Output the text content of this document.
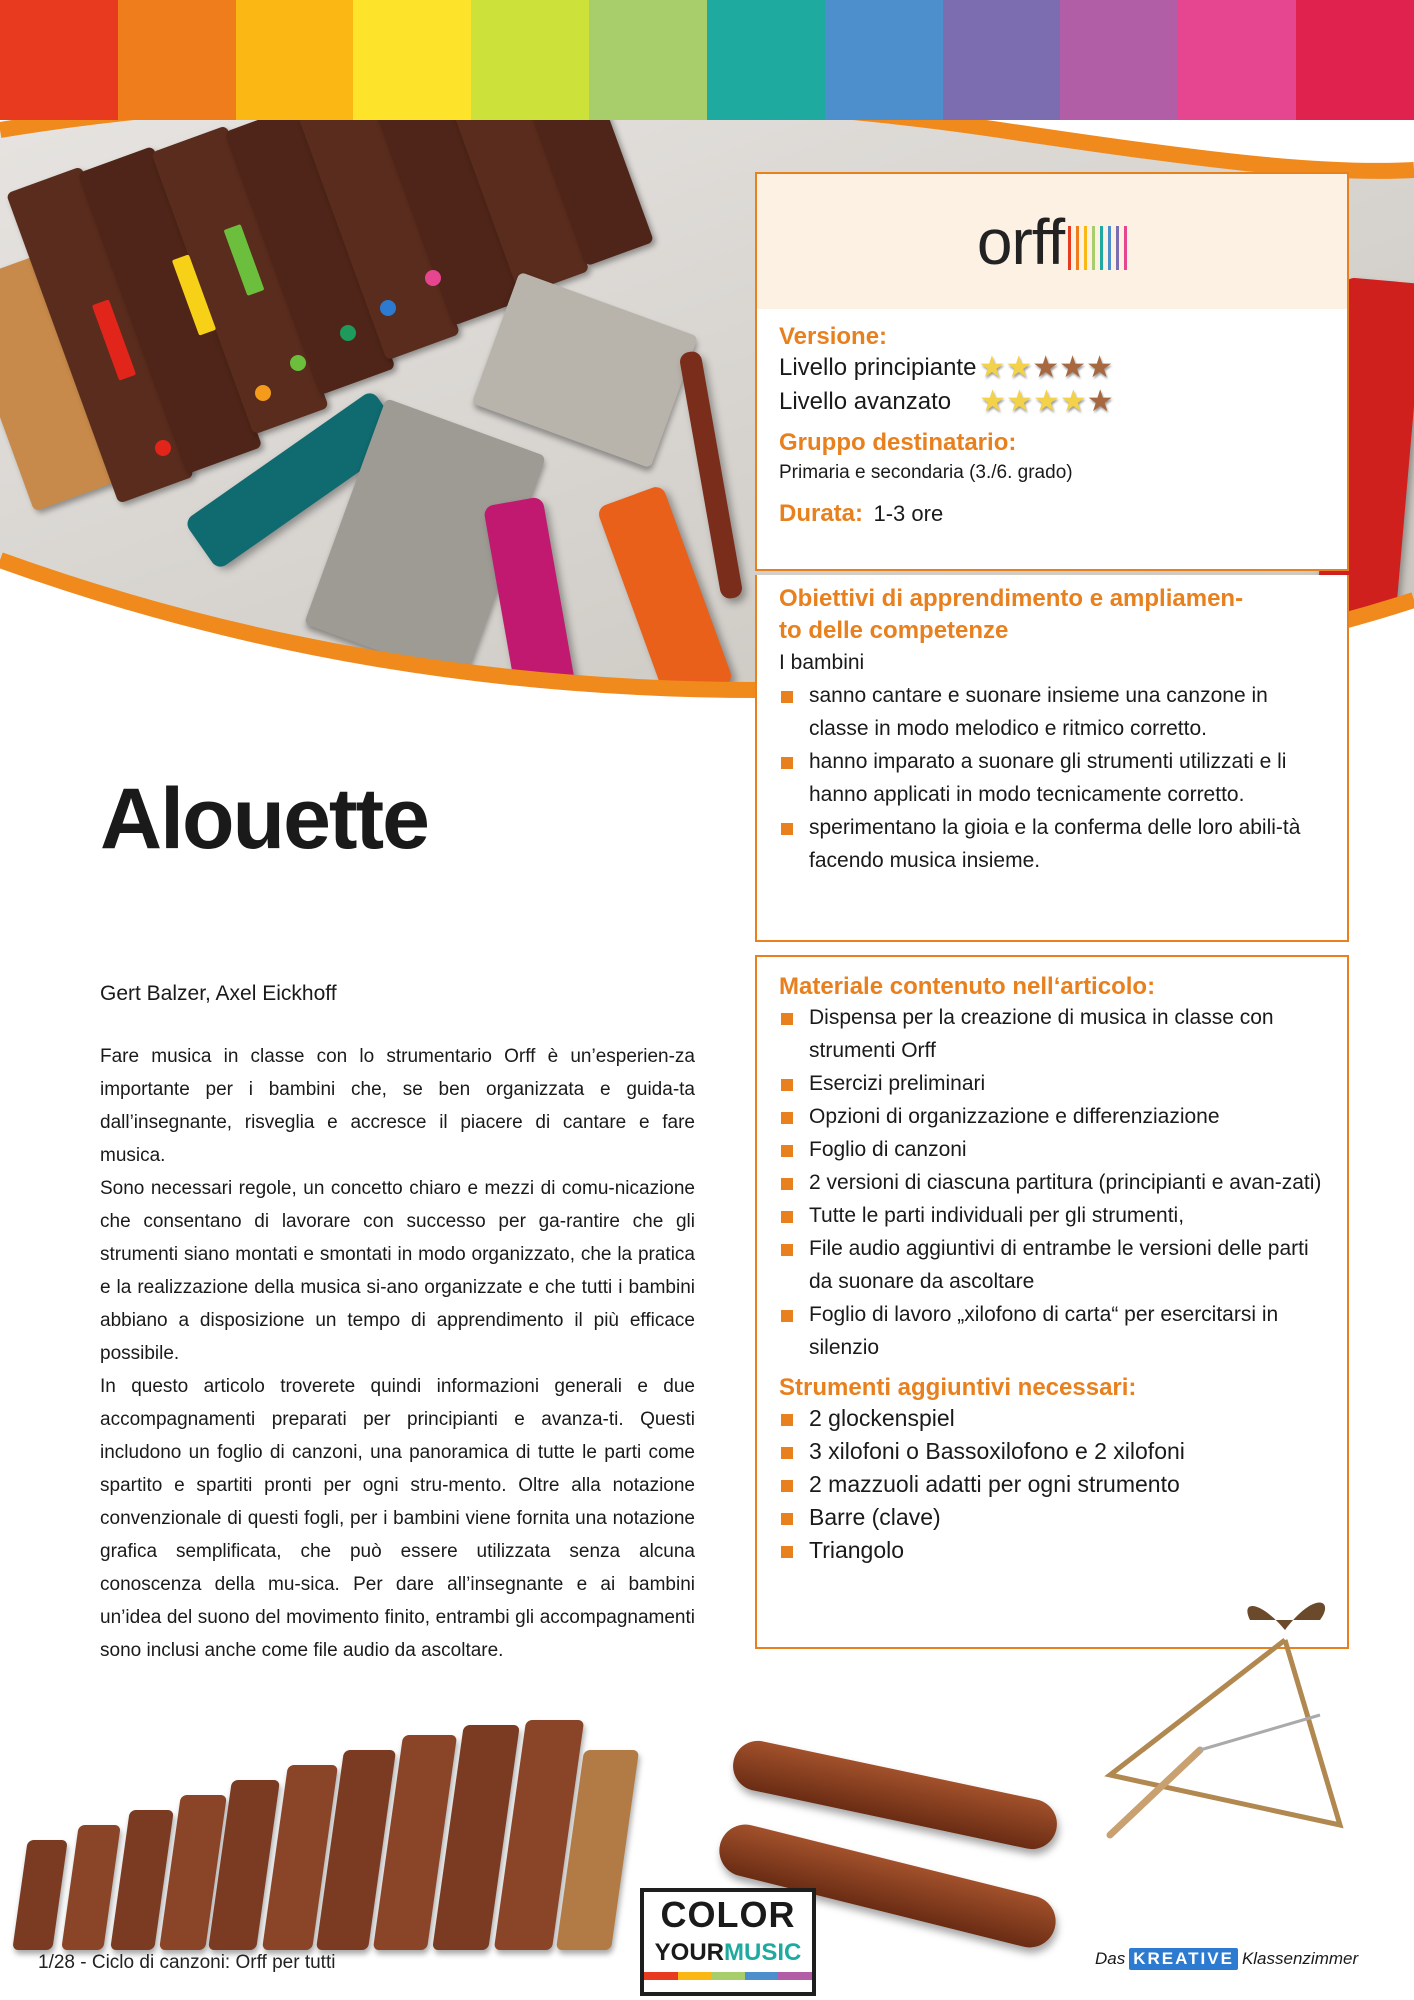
orff

Versione:

Livello principiante ★★★★★
Livello avanzato ★★★★★

Gruppo destinatario:

Primaria e secondaria (3./6. grado)
Durata: 1-3 ore

Obiettivi di apprendimento e ampliamen-
to delle competenze

I bambini
sanno cantare e suonare insieme una canzone in classe in modo melodico e ritmico corretto.
hanno imparato a suonare gli strumenti utilizzati e li hanno applicati in modo tecnicamente corretto.
sperimentano la gioia e la conferma delle loro abili-tà facendo musica insieme.
Alouette
Gert Balzer, Axel Eickhoff

Fare musica in classe con lo strumentario Orff è un’esperien-za importante per i bambini che, se ben organizzata e guida-ta dall’insegnante, risveglia e accresce il piacere di cantare e fare musica.

Sono necessari regole, un concetto chiaro e mezzi di comu-nicazione che consentano di lavorare con successo per ga-rantire che gli strumenti siano montati e smontati in modo organizzato, che la pratica e la realizzazione della musica si-ano organizzate e che tutti i bambini abbiano a disposizione un tempo di apprendimento il più efficace possibile.

In questo articolo troverete quindi informazioni generali e due accompagnamenti preparati per principianti e avanza-ti. Questi includono un foglio di canzoni, una panoramica di tutte le parti come spartito e spartiti pronti per ogni stru-mento. Oltre alla notazione convenzionale di questi fogli, per i bambini viene fornita una notazione grafica semplificata, che può essere utilizzata senza alcuna conoscenza della mu-sica. Per dare all’insegnante e ai bambini un’idea del suono del movimento finito, entrambi gli accompagnamenti sono inclusi anche come file audio da ascoltare.

Materiale contenuto nell‘articolo:

Dispensa per la creazione di musica in classe con strumenti Orff
Esercizi preliminari
Opzioni di organizzazione e differenziazione
Foglio di canzoni
2 versioni di ciascuna partitura (principianti e avan-zati)
Tutte le parti individuali per gli strumenti,
File audio aggiuntivi di entrambe le versioni delle parti da suonare da ascoltare
Foglio di lavoro „xilofono di carta“ per esercitarsi in silenzio

Strumenti aggiuntivi necessari:

2 glockenspiel
3 xilofoni o Bassoxilofono e 2 xilofoni
2 mazzuoli adatti per ogni strumento
Barre (clave)
Triangolo
1/28 - Ciclo di canzoni: Orff per tutti
COLOR
YOURMUSIC	Das KREATIVE Klassenzimmer
